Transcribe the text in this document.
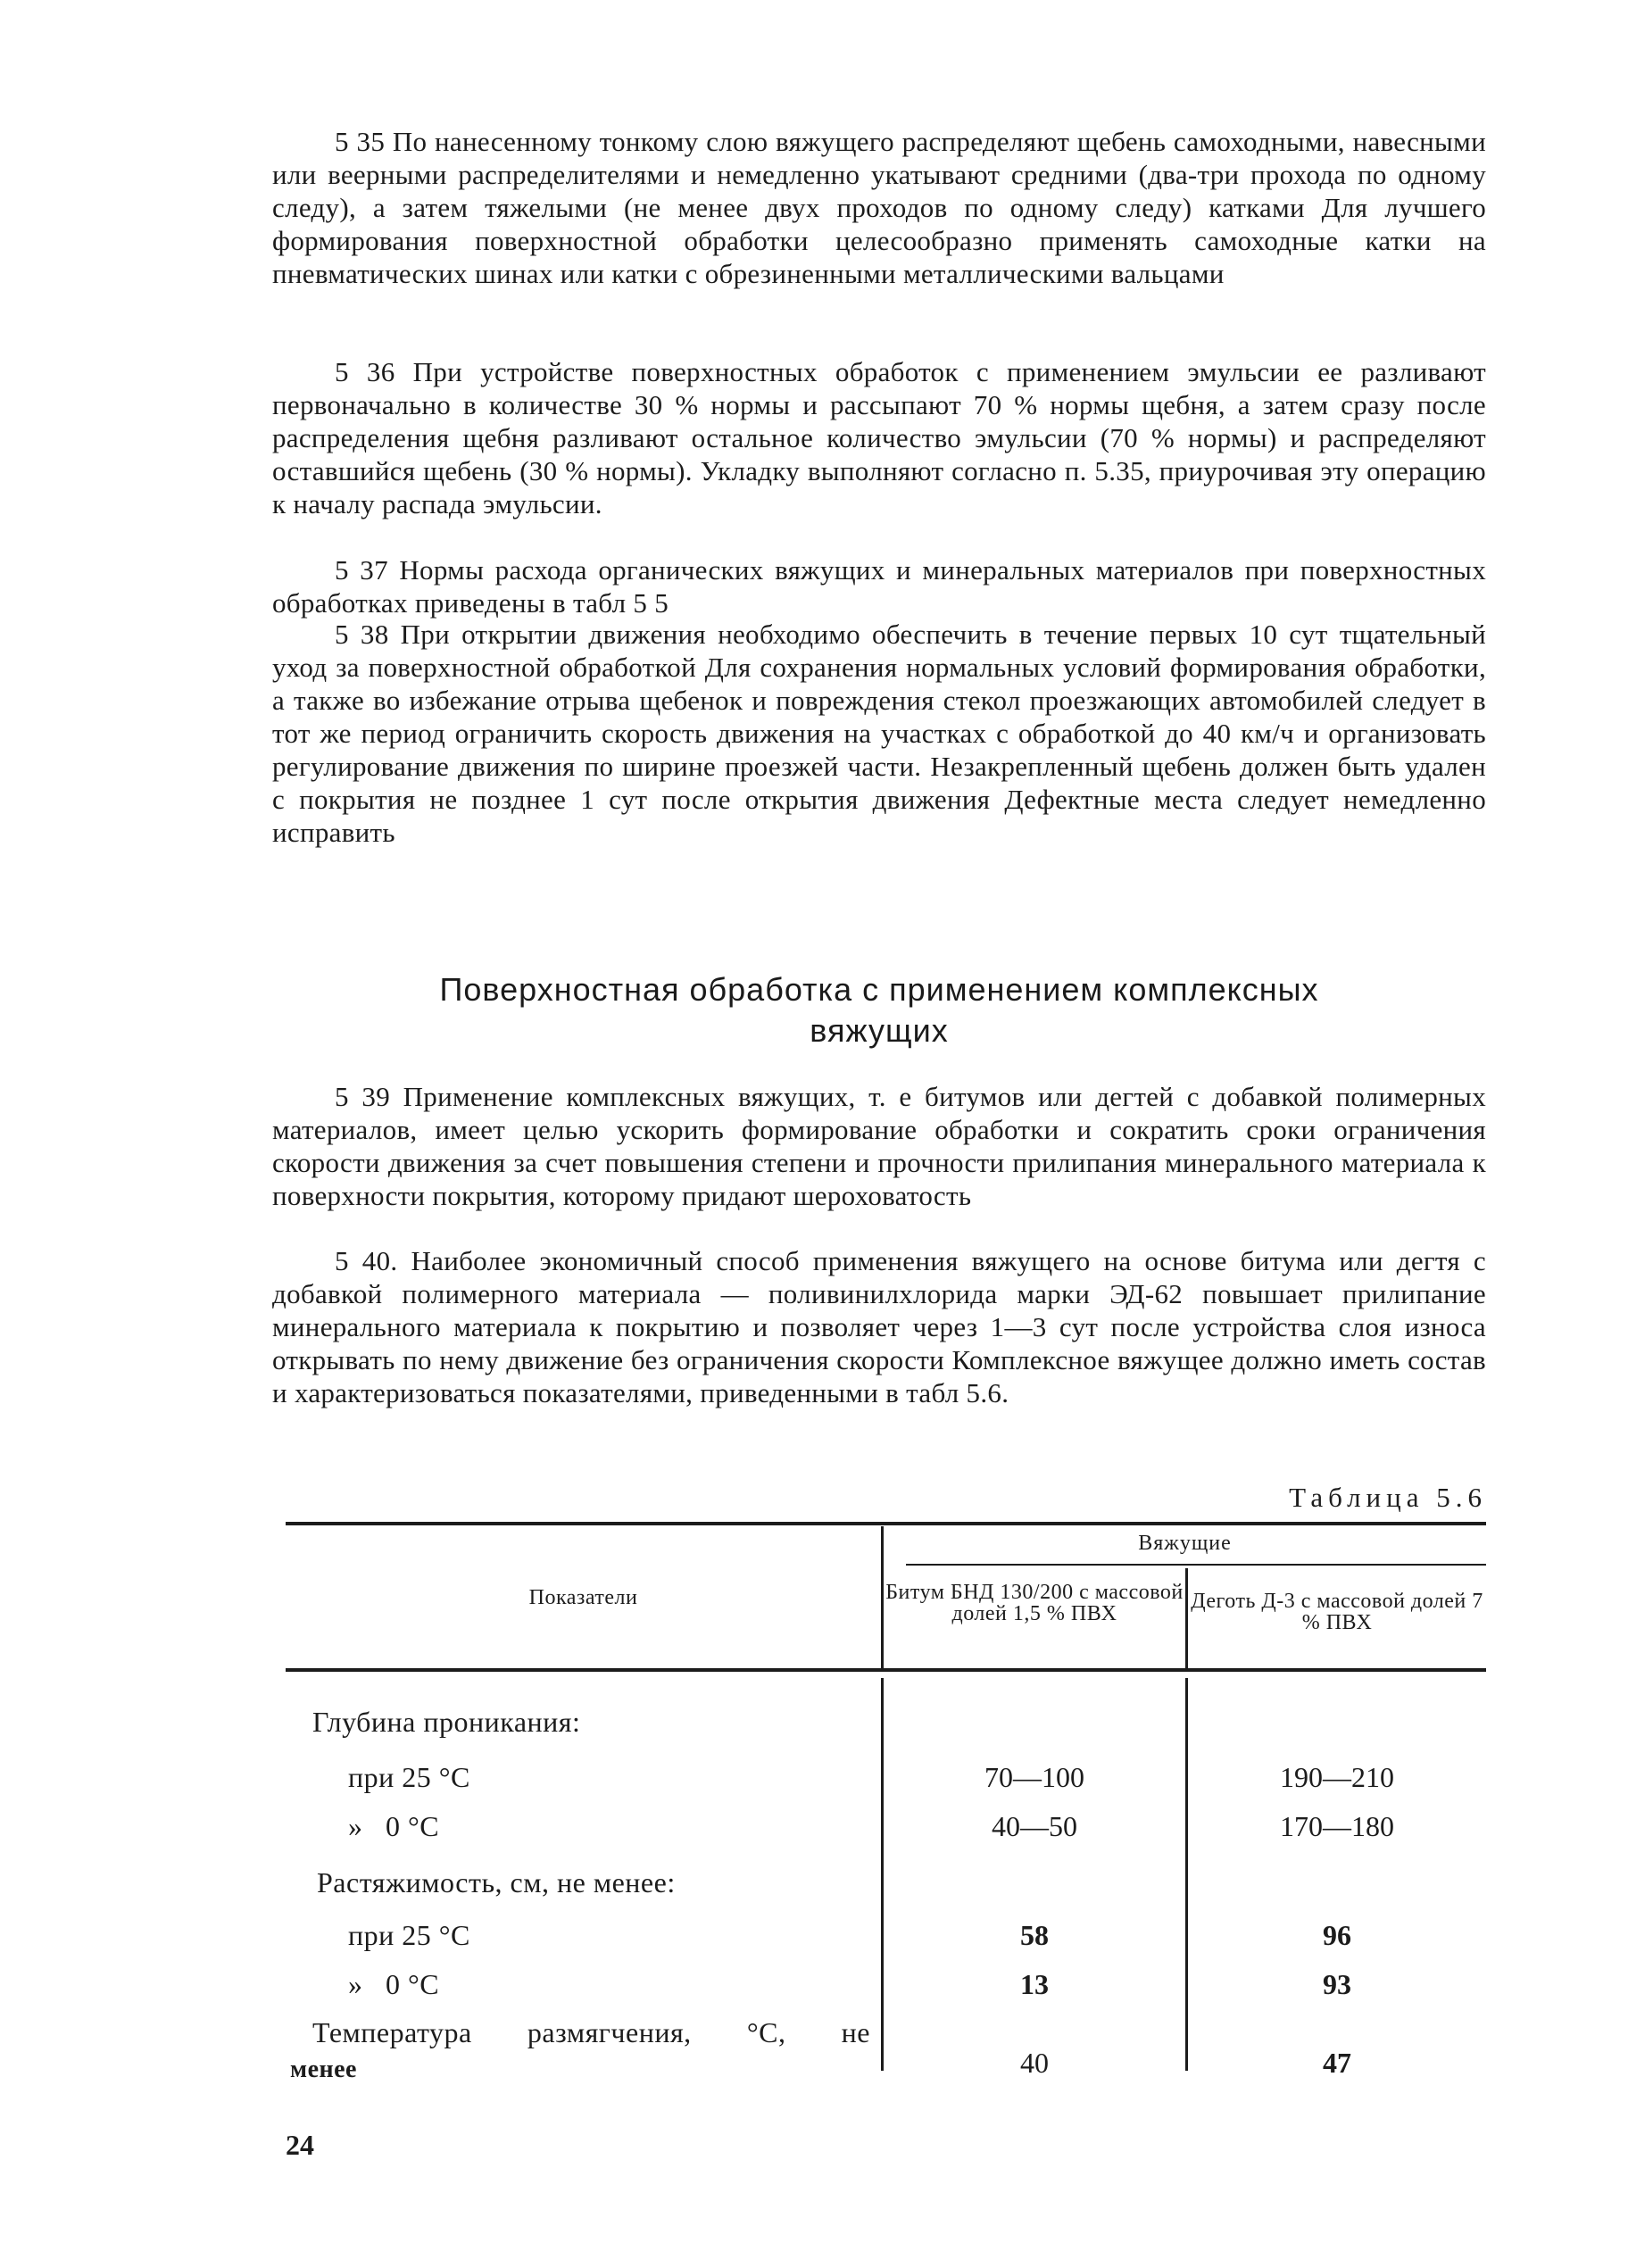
5 35 По нанесенному тонкому слою вяжущего распределяют щебень самоходными, навесными или веерными распределителями и немедленно укатывают средними (два-три прохода по одному следу), а затем тяжелыми (не менее двух проходов по одному следу) катками Для лучшего формирования поверхностной обработки целесообразно применять самоходные катки на пневматических шинах или катки с обрезиненными металлическими вальцами

5 36 При устройстве поверхностных обработок с применением эмульсии ее разливают первоначально в количестве 30 % нормы и рассыпают 70 % нормы щебня, а затем сразу после распределения щебня разливают остальное количество эмульсии (70 % нормы) и распределяют оставшийся щебень (30 % нормы). Укладку выполняют согласно п. 5.35, приурочивая эту операцию к началу распада эмульсии.

5 37 Нормы расхода органических вяжущих и минеральных материалов при поверхностных обработках приведены в табл 5 5

5 38 При открытии движения необходимо обеспечить в течение первых 10 сут тщательный уход за поверхностной обработкой Для сохранения нормальных условий формирования обработки, а также во избежание отрыва щебенок и повреждения стекол проезжающих автомобилей следует в тот же период ограничить скорость движения на участках с обработкой до 40 км/ч и организовать регулирование движения по ширине проезжей части. Незакрепленный щебень должен быть удален с покрытия не позднее 1 сут после открытия движения Дефектные места следует немедленно исправить

Поверхностная обработка с применением комплексных
вяжущих

5 39 Применение комплексных вяжущих, т. е битумов или дегтей с добавкой полимерных материалов, имеет целью ускорить формирование обработки и сократить сроки ограничения скорости движения за счет повышения степени и прочности прилипания минерального материала к поверхности покрытия, которому придают шероховатость

5 40. Наиболее экономичный способ применения вяжущего на основе битума или дегтя с добавкой полимерного материала — поливинилхлорида марки ЭД-62 повышает прилипание минерального материала к покрытию и позволяет через 1—3 сут после устройства слоя износа открывать по нему движение без ограничения скорости Комплексное вяжущее должно иметь состав и характеризоваться показателями, приведенными в табл 5.6.

Таблица 5.6
Показатели
Вяжущие
Битум БНД 130/200 с массовой долей 1,5 % ПВХ
Деготь Д-3 с массовой долей 7 % ПВХ
Глубина проникания:
при 25 °С	70—100	190—210
»   0 °С	40—50	170—180
Растяжимость, см, не менее:
при 25 °С	58	96
»   0 °С	13	93
Температура размягчения, °С, не
менее	40	47
24
